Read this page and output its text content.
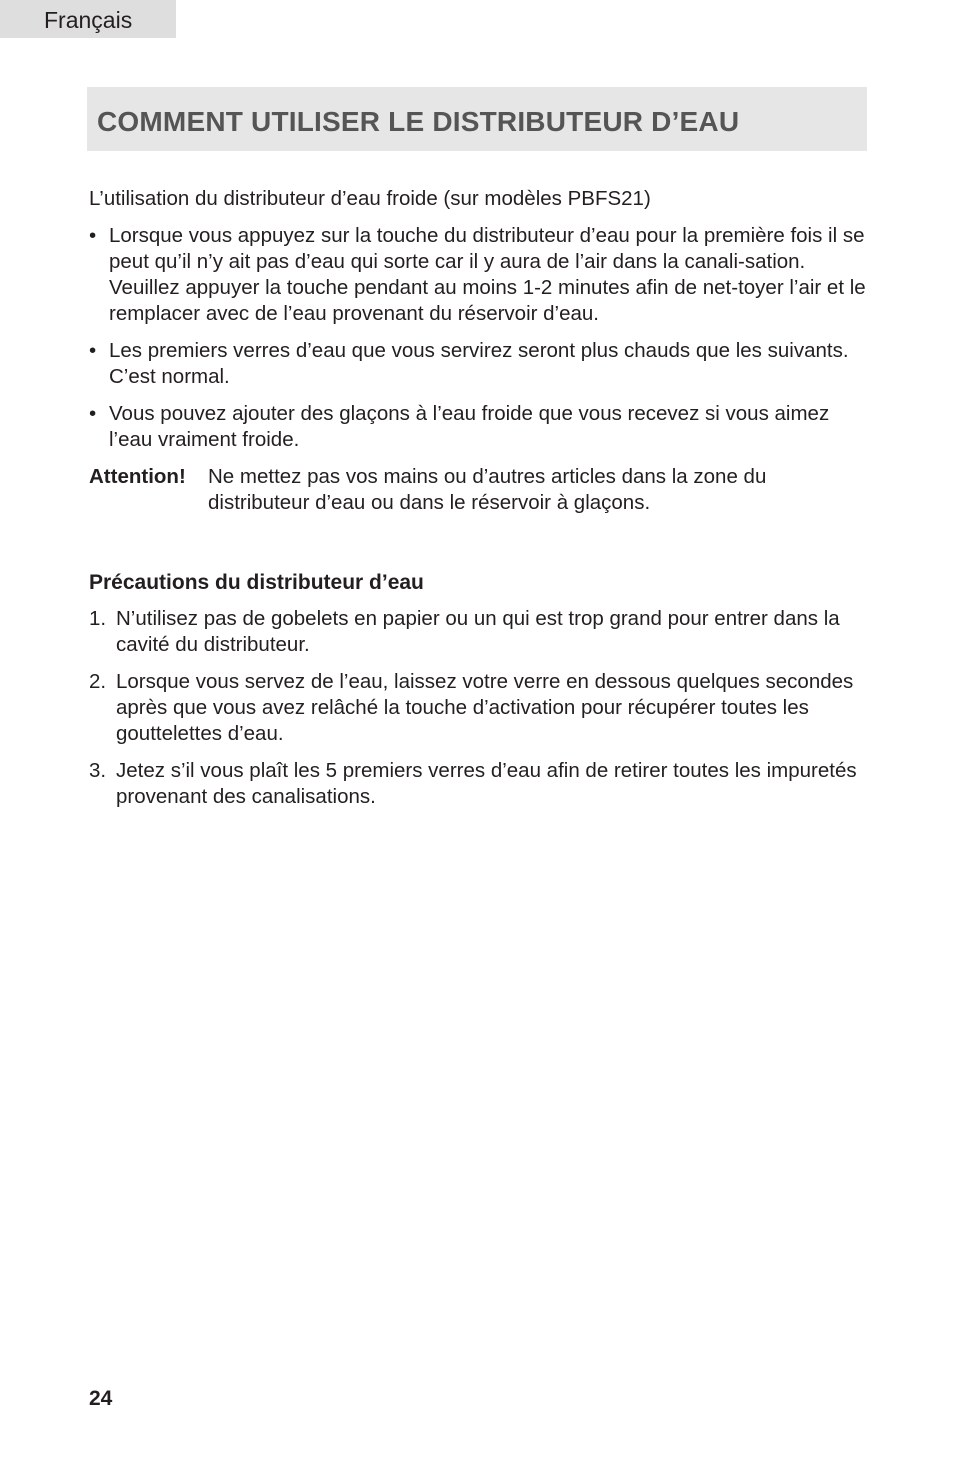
Français
COMMENT UTILISER LE DISTRIBUTEUR D’EAU

L’utilisation du distributeur d’eau froide (sur modèles PBFS21)

• Lorsque vous appuyez sur la touche du distributeur d’eau pour la première fois il se peut qu’il n’y ait pas d’eau qui sorte car il y aura de l’air dans la canali-sation. Veuillez appuyer la touche pendant au moins 1-2 minutes afin de net-toyer l’air et le remplacer avec de l’eau provenant du réservoir d’eau.
• Les premiers verres d’eau que vous servirez seront plus chauds que les suivants. C’est normal.
• Vous pouvez ajouter des glaçons à l’eau froide que vous recevez si vous aimez l’eau vraiment froide.
Attention!	Ne mettez pas vos mains ou d’autres articles dans la zone du distributeur d’eau ou dans le réservoir à glaçons.
Précautions du distributeur d’eau
1. N’utilisez pas de gobelets en papier ou un qui est trop grand pour entrer dans la cavité du distributeur.
2. Lorsque vous servez de l’eau, laissez votre verre en dessous quelques secondes après que vous avez relâché la touche d’activation pour récupérer toutes les gouttelettes d’eau.
3. Jetez s’il vous plaît les 5 premiers verres d’eau afin de retirer toutes les impuretés provenant des canalisations.
24
